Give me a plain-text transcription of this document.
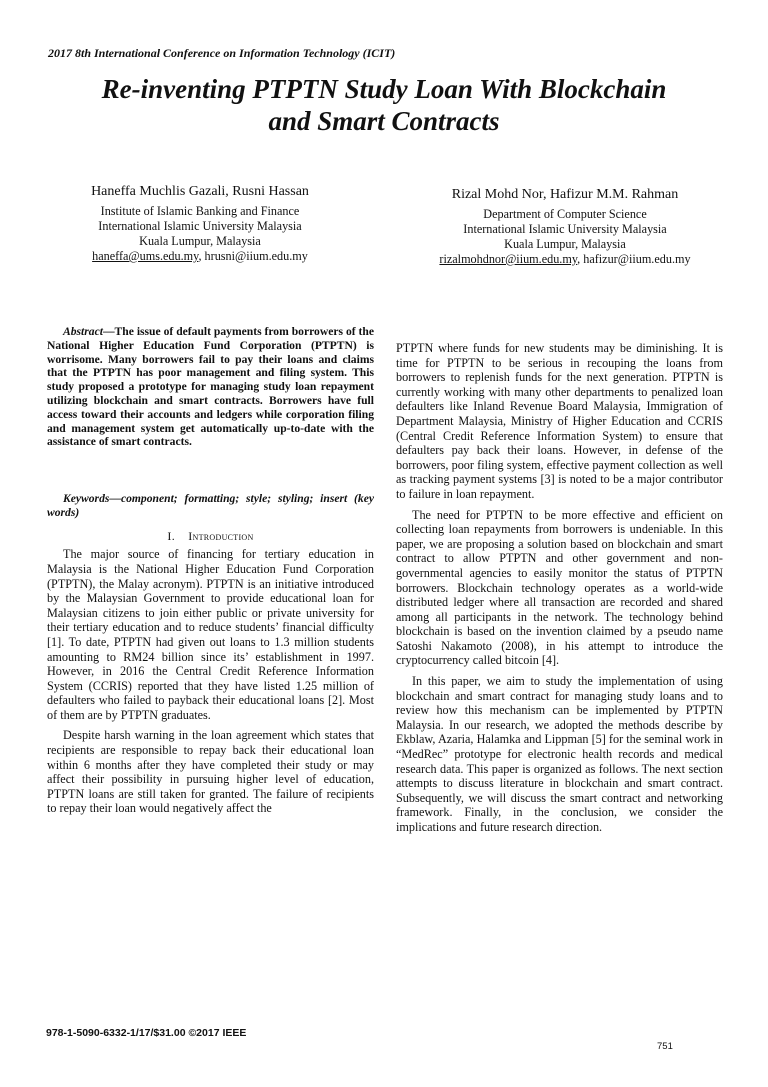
2017 8th International Conference on Information Technology (ICIT)
Re-inventing PTPTN Study Loan With Blockchain
and Smart Contracts
Haneffa Muchlis Gazali, Rusni Hassan
Institute of Islamic Banking and Finance
International Islamic University Malaysia
Kuala Lumpur, Malaysia
haneffa@ums.edu.my, hrusni@iium.edu.my
Rizal Mohd Nor, Hafizur M.M. Rahman
Department of Computer Science
International Islamic University Malaysia
Kuala Lumpur, Malaysia
rizalmohdnor@iium.edu.my, hafizur@iium.edu.my

Abstract—The issue of default payments from borrowers of the National Higher Education Fund Corporation (PTPTN) is worrisome. Many borrowers fail to pay their loans and claims that the PTPTN has poor management and filing system. This study proposed a prototype for managing study loan repayment utilizing blockchain and smart contracts. Borrowers have full access toward their accounts and ledgers while corporation filing and management system get automatically up-to-date with the assistance of smart contracts.

Keywords—component; formatting; style; styling; insert (key words)

I. Introduction

The major source of financing for tertiary education in Malaysia is the National Higher Education Fund Corporation (PTPTN), the Malay acronym). PTPTN is an initiative introduced by the Malaysian Government to provide educational loan for Malaysian citizens to join either public or private university for their tertiary education and to reduce students’ financial difficulty [1]. To date, PTPTN had given out loans to 1.3 million students amounting to RM24 billion since its’ establishment in 1997. However, in 2016 the Central Credit Reference Information System (CCRIS) reported that they have listed 1.25 million of defaulters who failed to payback their educational loans [2]. Most of them are by PTPTN graduates.

Despite harsh warning in the loan agreement which states that recipients are responsible to repay back their educational loan within 6 months after they have completed their study or may affect their possibility in pursuing higher level of education, PTPTN loans are still taken for granted. The failure of recipients to repay their loan would negatively affect the

PTPTN where funds for new students may be diminishing. It is time for PTPTN to be serious in recouping the loans from borrowers to replenish funds for the next generation. PTPTN is currently working with many other departments to penalized loan defaulters like Inland Revenue Board Malaysia, Immigration of Department Malaysia, Ministry of Higher Education and CCRIS (Central Credit Reference Information System) to ensure that defaulters pay back their loans. However, in defense of the borrowers, poor filing system, effective payment collection as well as tracking payment systems [3] is noted to be a major contributor to failure in loan repayment.

The need for PTPTN to be more effective and efficient on collecting loan repayments from borrowers is undeniable. In this paper, we are proposing a solution based on blockchain and smart contract to allow PTPTN and other government and non-governmental agencies to easily monitor the status of PTPTN borrowers. Blockchain technology operates as a world-wide distributed ledger where all transaction are recorded and shared among all participants in the network. The technology behind blockchain is based on the invention claimed by a pseudo name Satoshi Nakamoto (2008), in his attempt to introduce the cryptocurrency called bitcoin [4].

In this paper, we aim to study the implementation of using blockchain and smart contract for managing study loans and to review how this mechanism can be implemented by PTPTN Malaysia. In our research, we adopted the methods describe by Ekblaw, Azaria, Halamka and Lippman [5] for the seminal work in “MedRec” prototype for electronic health records and medical research data. This paper is organized as follows. The next section attempts to discuss literature in blockchain and smart contract. Subsequently, we will discuss the smart contract and networking framework. Finally, in the conclusion, we consider the implications and future research direction.

978-1-5090-6332-1/17/$31.00 ©2017 IEEE
751
